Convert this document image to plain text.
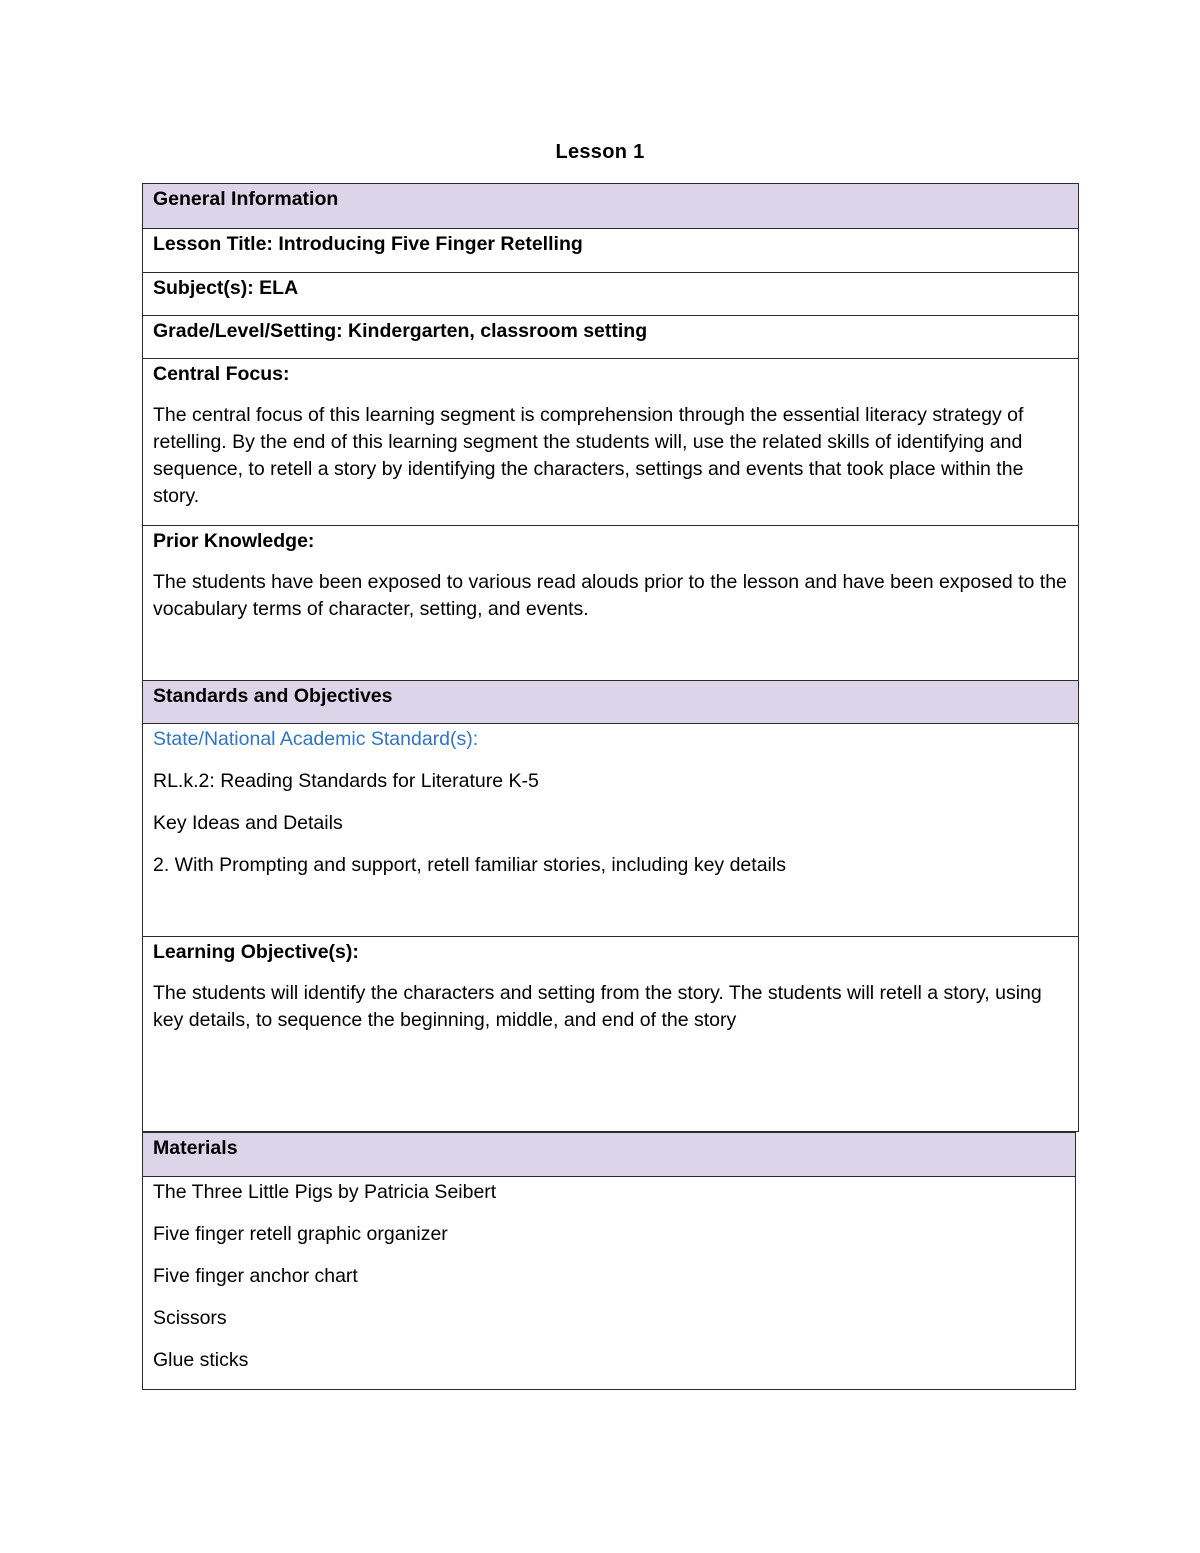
Lesson 1
General Information
Lesson Title: Introducing Five Finger Retelling
Subject(s): ELA
Grade/Level/Setting: Kindergarten, classroom setting
Central Focus:
The central focus of this learning segment is comprehension through the essential literacy strategy of retelling. By the end of this learning segment the students will, use the related skills of identifying and sequence, to retell a story by identifying the characters, settings and events that took place within the story.
Prior Knowledge:
The students have been exposed to various read alouds prior to the lesson and have been exposed to the vocabulary terms of character, setting, and events.
Standards and Objectives
State/National Academic Standard(s):
RL.k.2: Reading Standards for Literature K-5
Key Ideas and Details
2. With Prompting and support, retell familiar stories, including key details
Learning Objective(s):
The students will identify the characters and setting from the story. The students will retell a story, using key details, to sequence the beginning, middle, and end of the story
Materials
The Three Little Pigs by Patricia Seibert
Five finger retell graphic organizer
Five finger anchor chart
Scissors
Glue sticks
